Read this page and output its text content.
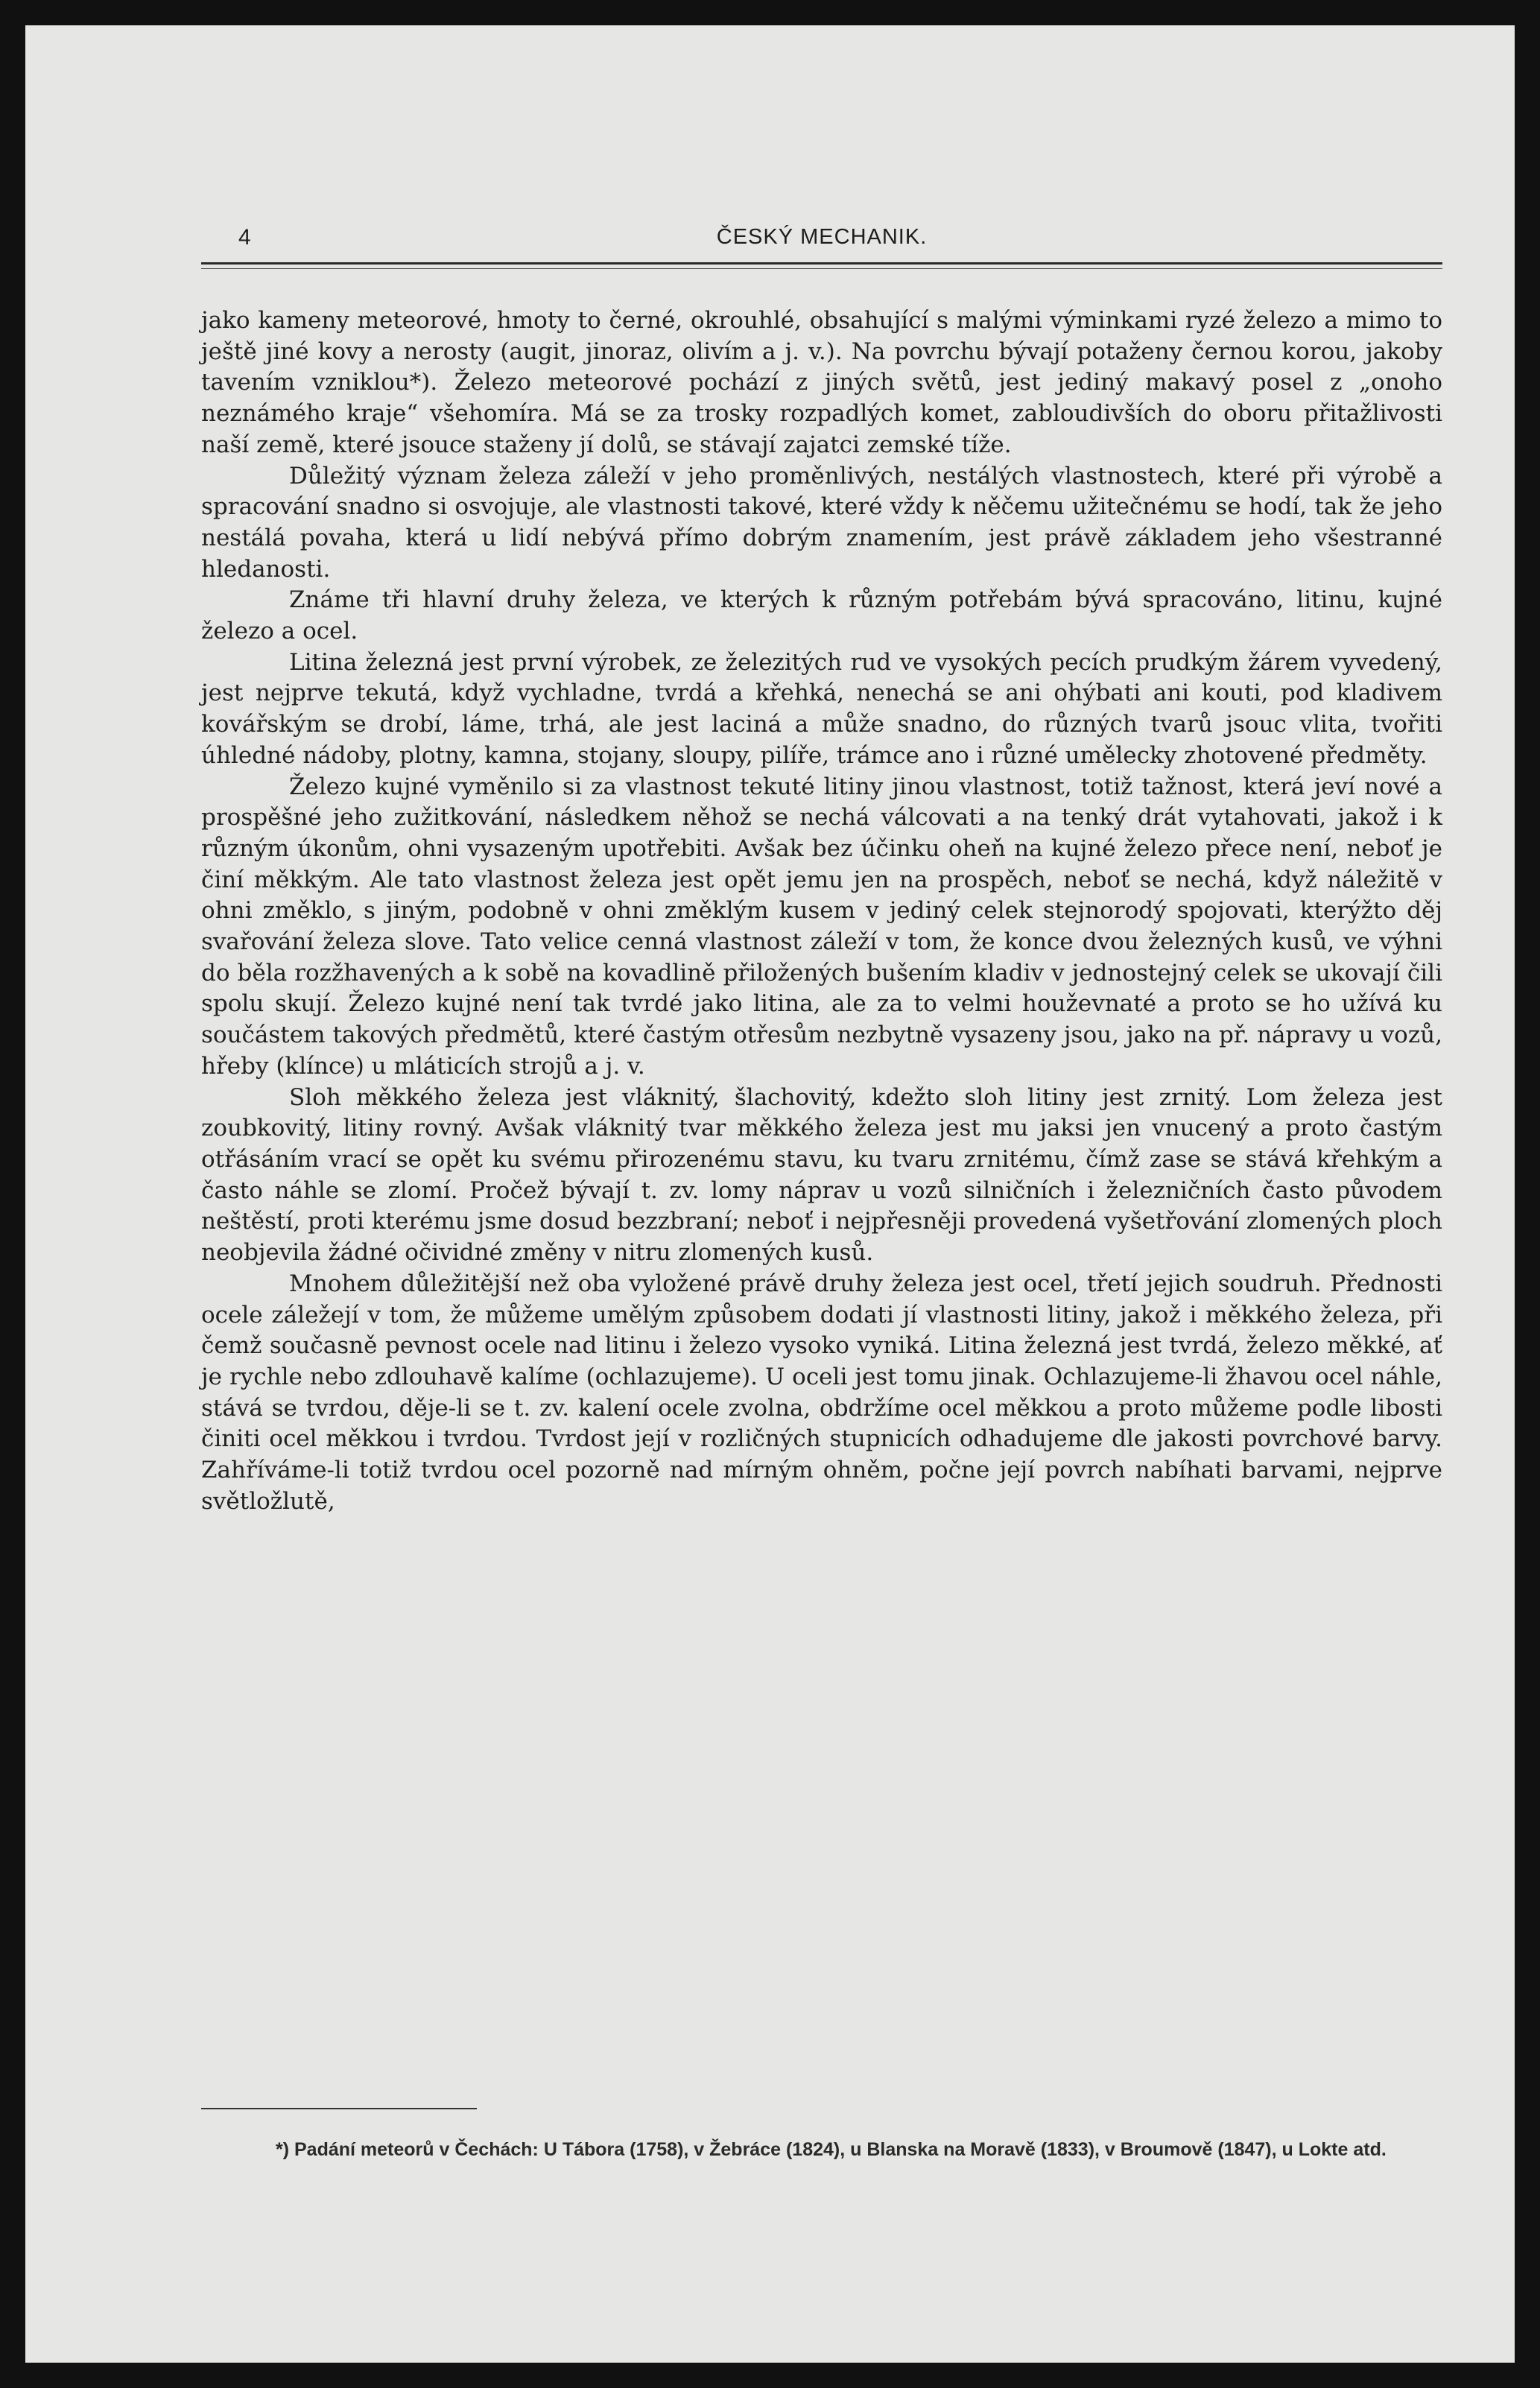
4	ČESKÝ MECHANIK.

jako kameny meteorové, hmoty to černé, okrouhlé, obsahující s malými výminkami ryzé železo a mimo to ještě jiné kovy a nerosty (augit, jinoraz, olivím a j. v.). Na povrchu bývají potaženy černou korou, jakoby tavením vzniklou*). Železo meteorové pochází z jiných světů, jest jediný makavý posel z „onoho neznámého kraje“ všehomíra. Má se za trosky rozpadlých komet, zabloudivších do oboru přitažlivosti naší země, které jsouce staženy jí dolů, se stávají zajatci zemské tíže.

Důležitý význam železa záleží v jeho proměnlivých, nestálých vlastnostech, které při výrobě a spracování snadno si osvojuje, ale vlastnosti takové, které vždy k něčemu užitečnému se hodí, tak že jeho nestálá povaha, která u lidí nebývá přímo dobrým znamením, jest právě základem jeho všestranné hledanosti.

Známe tři hlavní druhy železa, ve kterých k různým potřebám bývá spracováno, litinu, kujné železo a ocel.

Litina železná jest první výrobek, ze železitých rud ve vysokých pecích prudkým žárem vyvedený, jest nejprve tekutá, když vychladne, tvrdá a křehká, nenechá se ani ohýbati ani kouti, pod kladivem kovářským se drobí, láme, trhá, ale jest laciná a může snadno, do různých tvarů jsouc vlita, tvořiti úhledné nádoby, plotny, kamna, stojany, sloupy, pilíře, trámce ano i různé umělecky zhotovené předměty.

Železo kujné vyměnilo si za vlastnost tekuté litiny jinou vlastnost, totiž tažnost, která jeví nové a prospěšné jeho zužitkování, následkem něhož se nechá válcovati a na tenký drát vytahovati, jakož i k různým úkonům, ohni vysazeným upotřebiti. Avšak bez účinku oheň na kujné železo přece není, neboť je činí měkkým. Ale tato vlastnost železa jest opět jemu jen na prospěch, neboť se nechá, když náležitě v ohni změklo, s jiným, podobně v ohni změklým kusem v jediný celek stejnorodý spojovati, kterýžto děj svařování železa slove. Tato velice cenná vlastnost záleží v tom, že konce dvou železných kusů, ve výhni do běla rozžhavených a k sobě na kovadlině přiložených bušením kladiv v jednostejný celek se ukovají čili spolu skují. Železo kujné není tak tvrdé jako litina, ale za to velmi houževnaté a proto se ho užívá ku součástem takových předmětů, které častým otřesům nezbytně vysazeny jsou, jako na př. nápravy u vozů, hřeby (klínce) u mláticích strojů a j. v.

Sloh měkkého železa jest vláknitý, šlachovitý, kdežto sloh litiny jest zrnitý. Lom železa jest zoubkovitý, litiny rovný. Avšak vláknitý tvar měkkého železa jest mu jaksi jen vnucený a proto častým otřásáním vrací se opět ku svému přirozenému stavu, ku tvaru zrnitému, čímž zase se stává křehkým a často náhle se zlomí. Pročež bývají t. zv. lomy náprav u vozů silničních i železničních často původem neštěstí, proti kterému jsme dosud bezzbraní; neboť i nejpřesněji provedená vyšetřování zlomených ploch neobjevila žádné očividné změny v nitru zlomených kusů.

Mnohem důležitější než oba vyložené právě druhy železa jest ocel, třetí jejich soudruh. Přednosti ocele záležejí v tom, že můžeme umělým způsobem dodati jí vlastnosti litiny, jakož i měkkého železa, při čemž současně pevnost ocele nad litinu i železo vysoko vyniká. Litina železná jest tvrdá, železo měkké, ať je rychle nebo zdlouhavě kalíme (ochlazujeme). U oceli jest tomu jinak. Ochlazujeme-li žhavou ocel náhle, stává se tvrdou, děje-li se t. zv. kalení ocele zvolna, obdržíme ocel měkkou a proto můžeme podle libosti činiti ocel měkkou i tvrdou. Tvrdost její v rozličných stupnicích odhadujeme dle jakosti povrchové barvy. Zahříváme-li totiž tvrdou ocel pozorně nad mírným ohněm, počne její povrch nabíhati barvami, nejprve světložlutě,

*) Padání meteorů v Čechách: U Tábora (1758), v Žebráce (1824), u Blanska na Moravě (1833), v Broumově (1847), u Lokte atd.
